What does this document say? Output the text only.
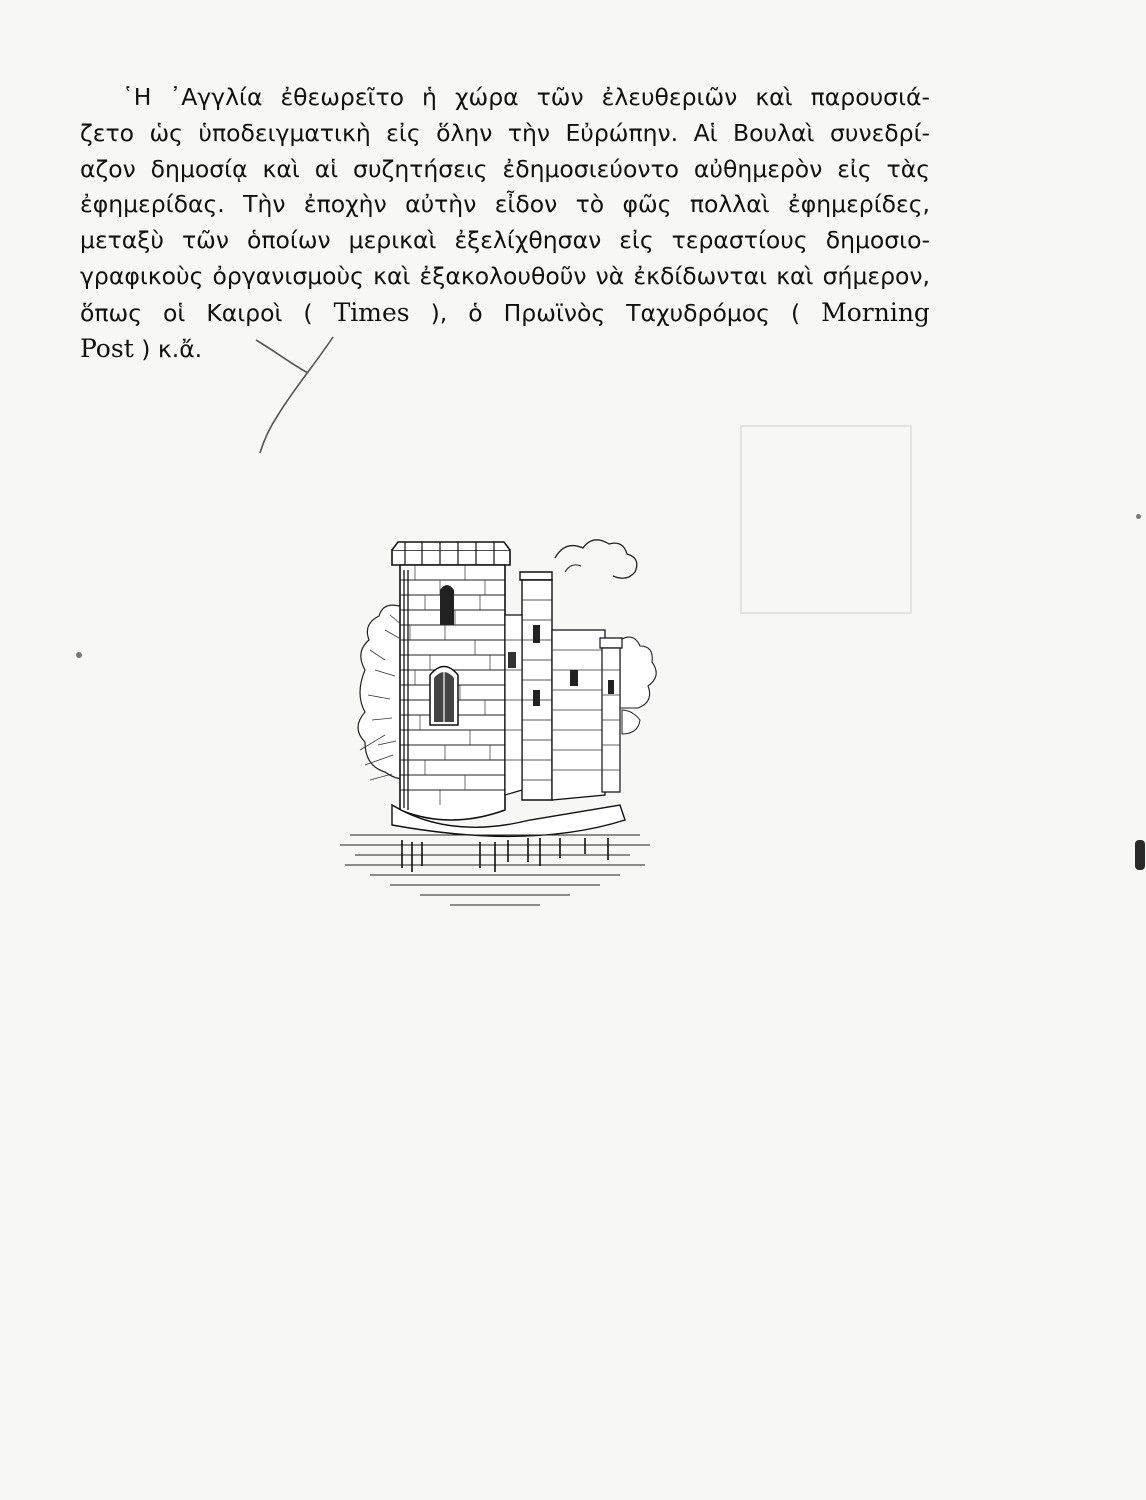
῾Η ᾿Αγγλία ἐθεωρεῖτο ἡ χώρα τῶν ἐλευθεριῶν καὶ παρουσιά-
ζετο ὡς ὑποδειγματικὴ εἰς ὅλην τὴν Εὐρώπην. Αἱ Βουλαὶ συνεδρί-
αζον δημοσίᾳ καὶ αἱ συζητήσεις ἐδημοσιεύοντο αὐθημερὸν εἰς τὰς
ἐφημερίδας. Τὴν ἐποχὴν αὐτὴν εἶδον τὸ φῶς πολλαὶ ἐφημερίδες,
μεταξὺ τῶν ὁποίων μερικαὶ ἐξελίχθησαν εἰς τεραστίους δημοσιο-
γραφικοὺς ὀργανισμοὺς καὶ ἐξακολουθοῦν νὰ ἐκδίδωνται καὶ σήμερον,
ὅπως οἱ Καιροὶ ( Times ), ὁ Πρωϊνὸς Ταχυδρόμος ( Morning
Post ) κ.ἄ.
